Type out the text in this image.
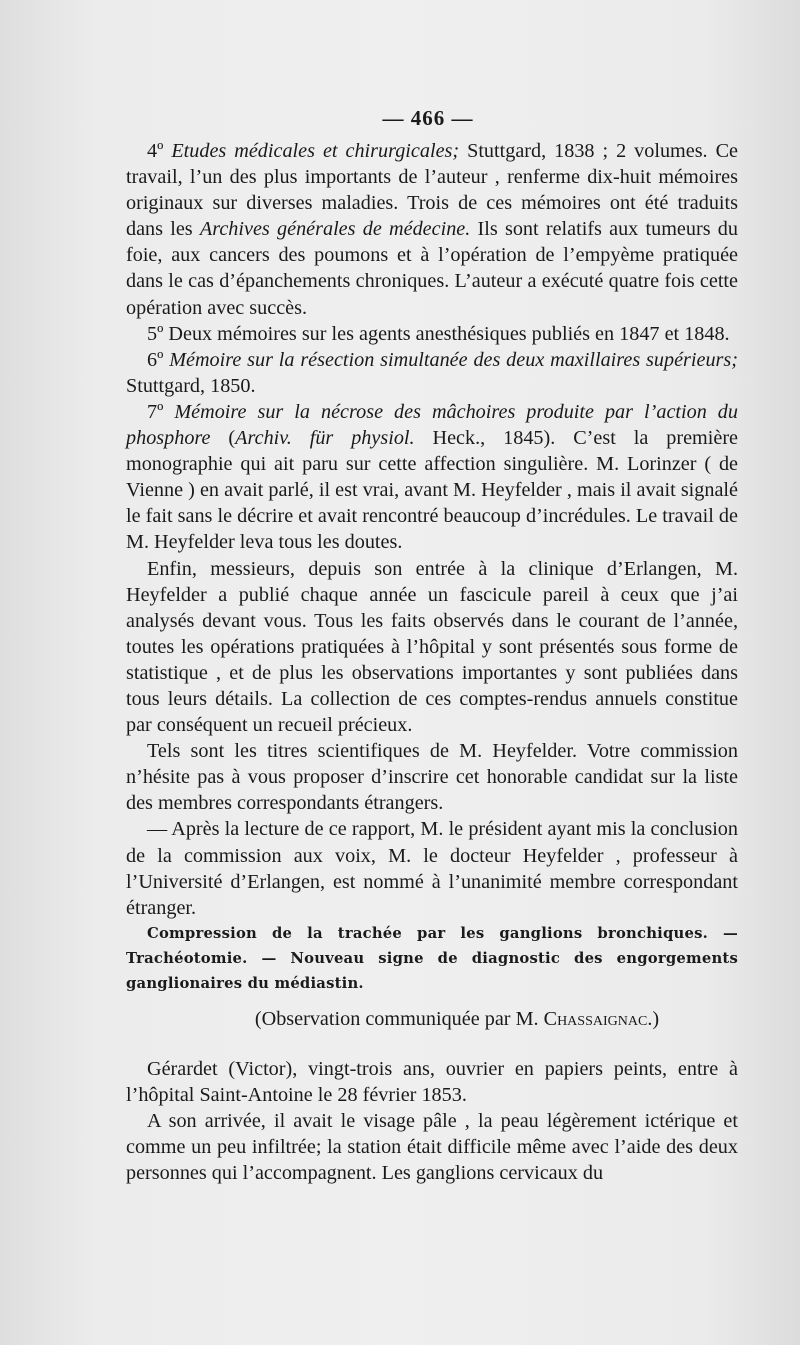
— 466 —

4º Etudes médicales et chirurgicales; Stuttgard, 1838 ; 2 volumes. Ce travail, l’un des plus importants de l’auteur , renferme dix-huit mémoires originaux sur diverses maladies. Trois de ces mémoires ont été traduits dans les Archives générales de médecine. Ils sont relatifs aux tumeurs du foie, aux cancers des poumons et à l’opération de l’empyème pratiquée dans le cas d’épanchements chroniques. L’auteur a exécuté quatre fois cette opération avec succès.

5º Deux mémoires sur les agents anesthésiques publiés en 1847 et 1848.

6º Mémoire sur la résection simultanée des deux maxillaires supérieurs; Stuttgard, 1850.

7º Mémoire sur la nécrose des mâchoires produite par l’action du phosphore (Archiv. für physiol. Heck., 1845). C’est la première monographie qui ait paru sur cette affection singulière. M. Lorinzer ( de Vienne ) en avait parlé, il est vrai, avant M. Heyfelder , mais il avait signalé le fait sans le décrire et avait rencontré beaucoup d’incrédules. Le travail de M. Heyfelder leva tous les doutes.

Enfin, messieurs, depuis son entrée à la clinique d’Erlangen, M. Heyfelder a publié chaque année un fascicule pareil à ceux que j’ai analysés devant vous. Tous les faits observés dans le courant de l’année, toutes les opérations pratiquées à l’hôpital y sont présentés sous forme de statistique , et de plus les observations importantes y sont publiées dans tous leurs détails. La collection de ces comptes-rendus annuels constitue par conséquent un recueil précieux.

Tels sont les titres scientifiques de M. Heyfelder. Votre commission n’hésite pas à vous proposer d’inscrire cet honorable candidat sur la liste des membres correspondants étrangers.

— Après la lecture de ce rapport, M. le président ayant mis la conclusion de la commission aux voix, M. le docteur Heyfelder , professeur à l’Université d’Erlangen, est nommé à l’unanimité membre correspondant étranger.

Compression de la trachée par les ganglions bronchiques. — Trachéotomie. — Nouveau signe de diagnostic des engorgements ganglionaires du médiastin.

(Observation communiquée par M. Chassaignac.)

Gérardet (Victor), vingt-trois ans, ouvrier en papiers peints, entre à l’hôpital Saint-Antoine le 28 février 1853.

A son arrivée, il avait le visage pâle , la peau légèrement ictérique et comme un peu infiltrée; la station était difficile même avec l’aide des deux personnes qui l’accompagnent. Les ganglions cervicaux du
